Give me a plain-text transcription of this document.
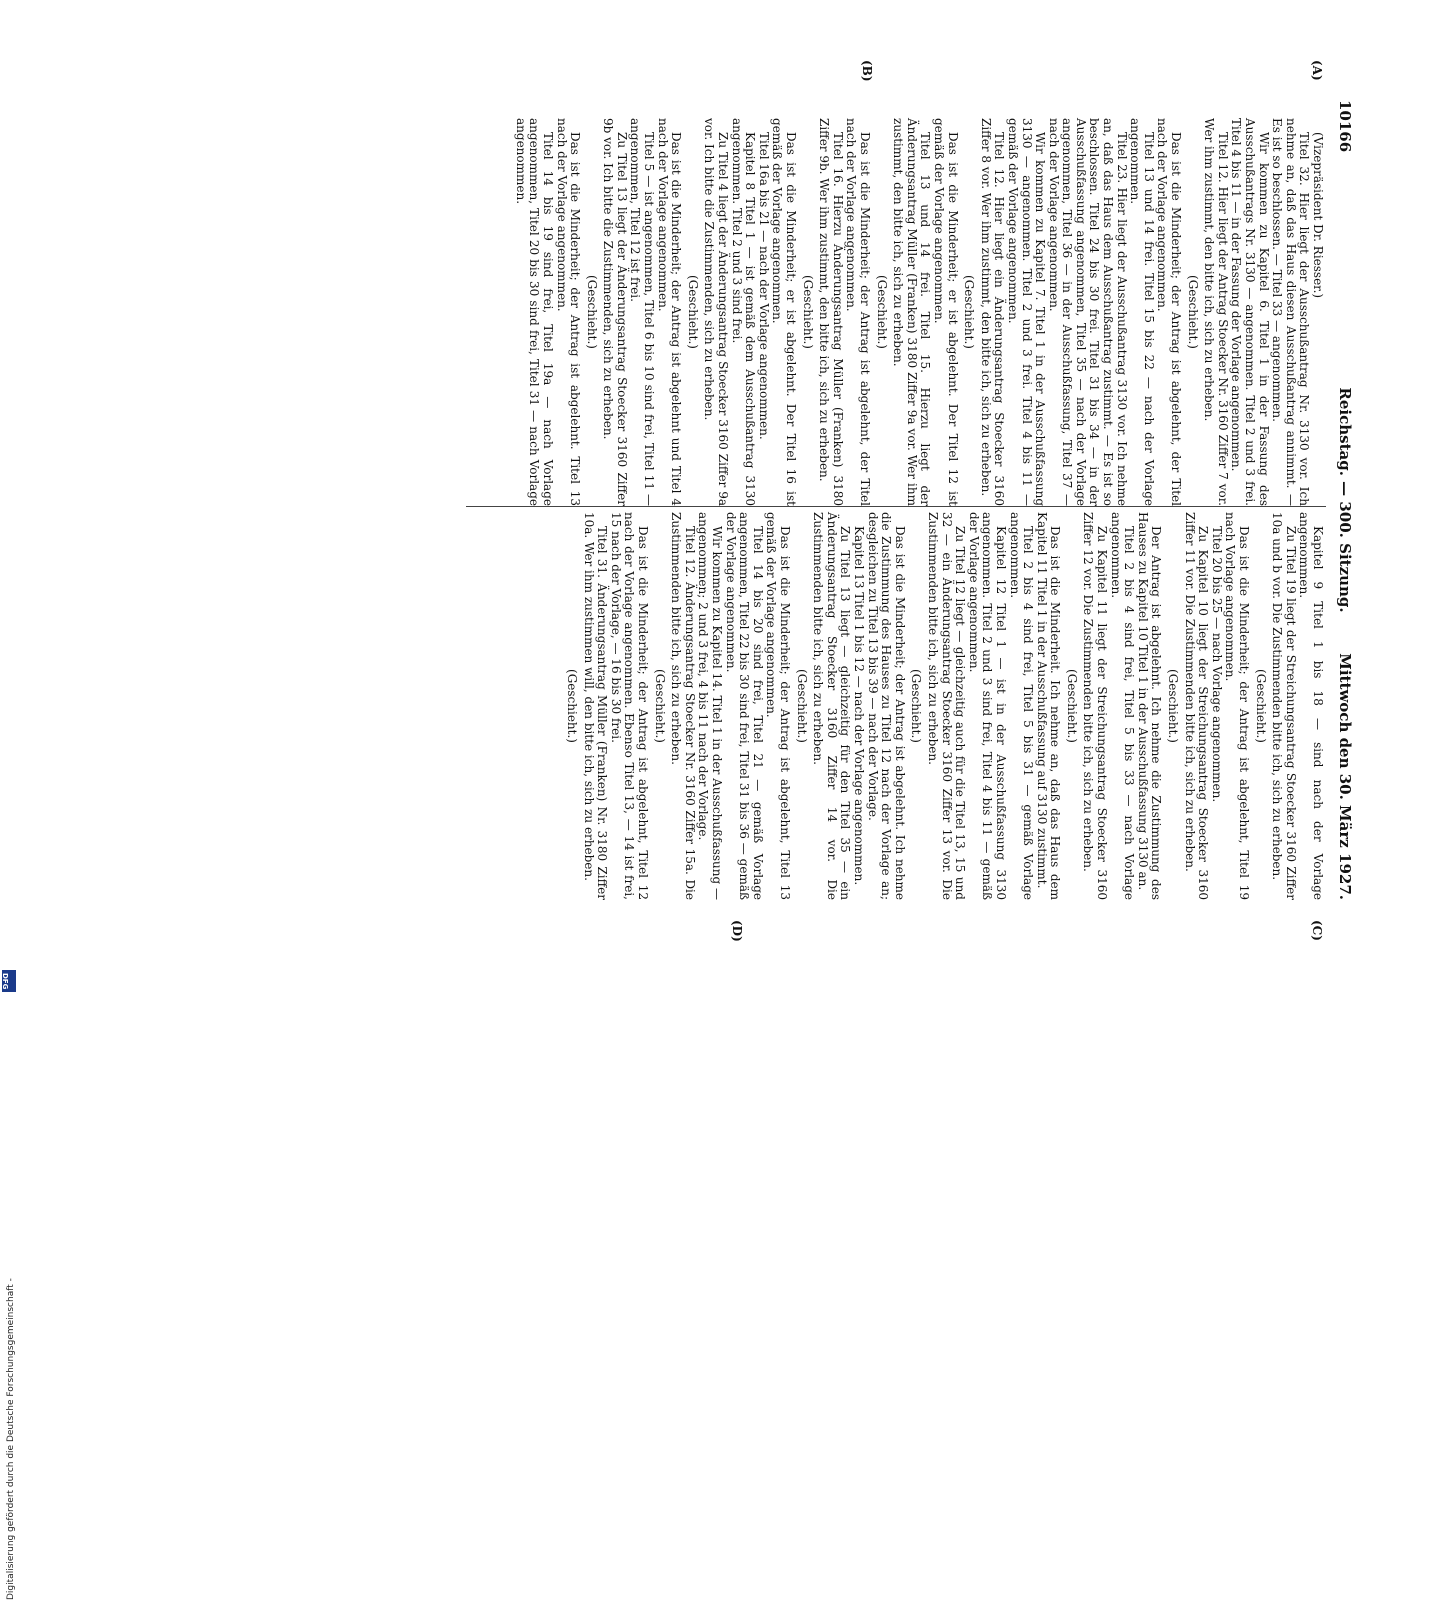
10166
Reichstag. — 300. Sitzung.
Mittwoch den 30. März 1927.
(A)
(B)
(C)
(D)

(Vizepräsident Dr. Riesser.)

Titel 32. Hier liegt der Ausschußantrag Nr. 3130 vor. Ich nehme an, daß das Haus diesen Ausschußantrag annimmt. — Es ist so beschlossen. — Titel 33 — angenommen.

Wir kommen zu Kapitel 6. Titel 1 in der Fassung des Ausschußantrags Nr. 3130 — angenommen. Titel 2 und 3 frei. Titel 4 bis 11 — in der Fassung der Vorlage angenommen.

Titel 12. Hier liegt der Antrag Stoecker Nr. 3160 Ziffer 7 vor. Wer ihm zustimmt, den bitte ich, sich zu erheben.

(Geschieht.)

Das ist die Minderheit; der Antrag ist abgelehnt, der Titel nach der Vorlage angenommen.

Titel 13 und 14 frei. Titel 15 bis 22 — nach der Vorlage angenommen.

Titel 23. Hier liegt der Ausschußantrag 3130 vor. Ich nehme an, daß das Haus dem Ausschußantrag zustimmt. — Es ist so beschlossen. Titel 24 bis 30 frei. Titel 31 bis 34 — in der Ausschußfassung angenommen, Titel 35 — nach der Vorlage angenommen, Titel 36 — in der Ausschußfassung, Titel 37 — nach der Vorlage angenommen.

Wir kommen zu Kapitel 7. Titel 1 in der Ausschußfassung 3130 — angenommen. Titel 2 und 3 frei. Titel 4 bis 11 — gemäß der Vorlage angenommen.

Titel 12. Hier liegt ein Änderungsantrag Stoecker 3160 Ziffer 8 vor. Wer ihm zustimmt, den bitte ich, sich zu erheben.

(Geschieht.)

Das ist die Minderheit; er ist abgelehnt. Der Titel 12 ist gemäß der Vorlage angenommen.

Titel 13 und 14 frei. Titel 15. Hierzu liegt der Änderungsantrag Müller (Franken) 3180 Ziffer 9a vor. Wer ihm zustimmt, den bitte ich, sich zu erheben.

(Geschieht.)

Das ist die Minderheit; der Antrag ist abgelehnt, der Titel nach der Vorlage angenommen.

Titel 16. Hierzu Änderungsantrag Müller (Franken) 3180 Ziffer 9b. Wer ihm zustimmt, den bitte ich, sich zu erheben.

(Geschieht.)

Das ist die Minderheit; er ist abgelehnt. Der Titel 16 ist gemäß der Vorlage angenommen.

Titel 16a bis 21 — nach der Vorlage angenommen.

Kapitel 8 Titel 1 — ist gemäß dem Ausschußantrag 3130 angenommen. Titel 2 und 3 sind frei.

Zu Titel 4 liegt der Änderungsantrag Stoecker 3160 Ziffer 9a vor. Ich bitte die Zustimmenden, sich zu erheben.

(Geschieht.)

Das ist die Minderheit; der Antrag ist abgelehnt und Titel 4 nach der Vorlage angenommen.

Titel 5 — ist angenommen, Titel 6 bis 10 sind frei, Titel 11 — angenommen, Titel 12 ist frei.

Zu Titel 13 liegt der Änderungsantrag Stoecker 3160 Ziffer 9b vor. Ich bitte die Zustimmenden, sich zu erheben.

(Geschieht.)

Das ist die Minderheit; der Antrag ist abgelehnt. Titel 13 nach der Vorlage angenommen.

Titel 14 bis 19 sind frei, Titel 19a — nach Vorlage angenommen, Titel 20 bis 30 sind frei, Titel 31 — nach Vorlage angenommen.

Kapitel 9 Titel 1 bis 18 — sind nach der Vorlage angenommen.

Zu Titel 19 liegt der Streichungsantrag Stoecker 3160 Ziffer 10a und b vor. Die Zustimmenden bitte ich, sich zu erheben.

(Geschieht.)

Das ist die Minderheit; der Antrag ist abgelehnt, Titel 19 nach Vorlage angenommen.

Titel 20 bis 25 — nach Vorlage angenommen.

Zu Kapitel 10 liegt der Streichungsantrag Stoecker 3160 Ziffer 11 vor. Die Zustimmenden bitte ich, sich zu erheben.

(Geschieht.)

Der Antrag ist abgelehnt. Ich nehme die Zustimmung des Hauses zu Kapitel 10 Titel 1 in der Ausschußfassung 3130 an.

Titel 2 bis 4 sind frei, Titel 5 bis 33 — nach Vorlage angenommen.

Zu Kapitel 11 liegt der Streichungsantrag Stoecker 3160 Ziffer 12 vor. Die Zustimmenden bitte ich, sich zu erheben.

(Geschieht.)

Das ist die Minderheit. Ich nehme an, daß das Haus dem Kapitel 11 Titel 1 in der Ausschußfassung auf 3130 zustimmt.

Titel 2 bis 4 sind frei, Titel 5 bis 31 — gemäß Vorlage angenommen.

Kapitel 12 Titel 1 — ist in der Ausschußfassung 3130 angenommen. Titel 2 und 3 sind frei, Titel 4 bis 11 — gemäß der Vorlage angenommen.

Zu Titel 12 liegt — gleichzeitig auch für die Titel 13, 15 und 32 — ein Änderungsantrag Stoecker 3160 Ziffer 13 vor. Die Zustimmenden bitte ich, sich zu erheben.

(Geschieht.)

Das ist die Minderheit; der Antrag ist abgelehnt. Ich nehme die Zustimmung des Hauses zu Titel 12 nach der Vorlage an; desgleichen zu Titel 13 bis 39 — nach der Vorlage.

Kapitel 13 Titel 1 bis 12 — nach der Vorlage angenommen.

Zu Titel 13 liegt — gleichzeitig für den Titel 35 — ein Änderungsantrag Stoecker 3160 Ziffer 14 vor. Die Zustimmenden bitte ich, sich zu erheben.

(Geschieht.)

Das ist die Minderheit; der Antrag ist abgelehnt, Titel 13 gemäß der Vorlage angenommen.

Titel 14 bis 20 sind frei, Titel 21 — gemäß Vorlage angenommen, Titel 22 bis 30 sind frei, Titel 31 bis 36 — gemäß der Vorlage angenommen.

Wir kommen zu Kapitel 14. Titel 1 in der Ausschußfassung — angenommen; 2 und 3 frei, 4 bis 11 nach der Vorlage.

Titel 12. Änderungsantrag Stoecker Nr. 3160 Ziffer 15a. Die Zustimmenden bitte ich, sich zu erheben.

(Geschieht.)

Das ist die Minderheit; der Antrag ist abgelehnt, Titel 12 nach der Vorlage angenommen. Ebenso Titel 13, — 14 ist frei, 15 nach der Vorlage, — 16 bis 30 frei.

Titel 31. Änderungsantrag Müller (Franken) Nr. 3180 Ziffer 10a. Wer ihm zustimmen will, den bitte ich, sich zu erheben.

(Geschieht.)

Digitalisierung gefördert durch die Deutsche Forschungsgemeinschaft -
DFG
